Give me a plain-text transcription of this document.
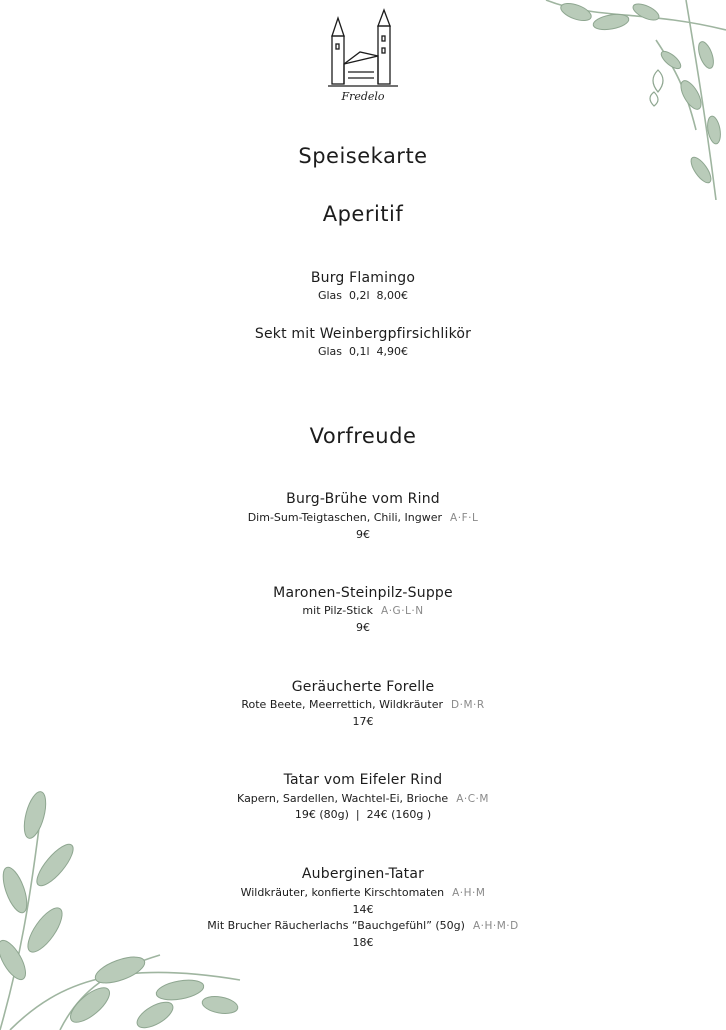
Fredelo
Speisekarte
Aperitif
Burg Flamingo
Glas  0,2l  8,00€
Sekt mit Weinbergpfirsichlikör
Glas  0,1l  4,90€
Vorfreude
Burg-Brühe vom Rind
Dim-Sum-Teigtaschen, Chili, Ingwer A·F·L
9€
Maronen-Steinpilz-Suppe
mit Pilz-Stick A·G·L·N
9€
Geräucherte Forelle
Rote Beete, Meerrettich, Wildkräuter D·M·R
17€
Tatar vom Eifeler Rind
Kapern, Sardellen, Wachtel-Ei, Brioche A·C·M
19€ (80g)  |  24€ (160g )
Auberginen-Tatar
Wildkräuter, konfierte Kirschtomaten A·H·M
14€
Mit Brucher Räucherlachs “Bauchgefühl” (50g) A·H·M·D
18€
